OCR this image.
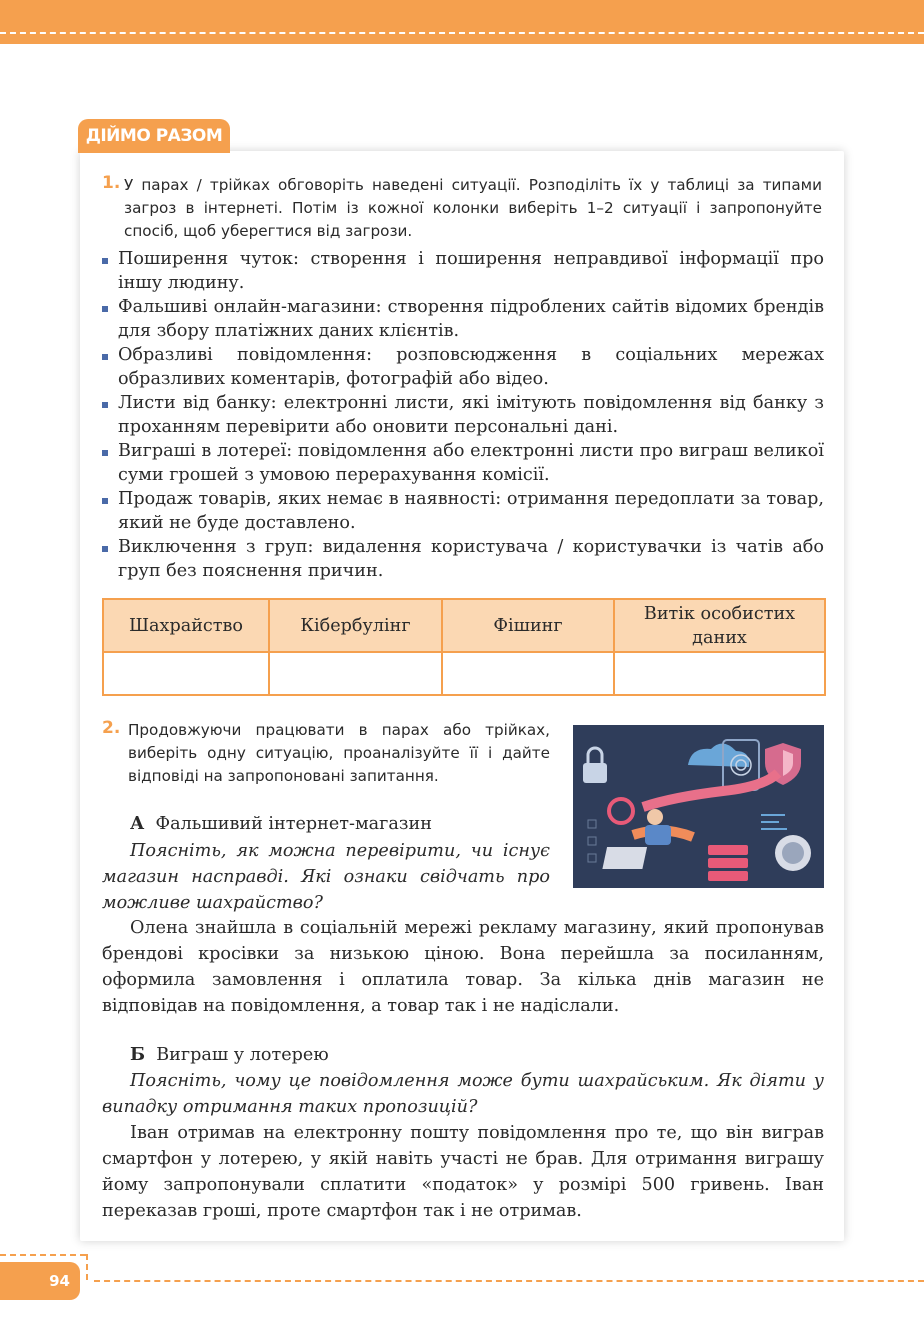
ДІЙМО РАЗОМ
1. У парах / трійках обговоріть наведені ситуації. Розподіліть їх у таблиці за типами загроз в інтернеті. Потім із кожної колонки виберіть 1–2 ситуації і запропонуйте спосіб, щоб уберегтися від загрози.
Поширення чуток: створення і поширення неправдивої інформації про іншу людину.
Фальшиві онлайн-магазини: створення підроблених сайтів відомих брендів для збору платіжних даних клієнтів.
Образливі повідомлення: розповсюдження в соціальних мережах образливих коментарів, фотографій або відео.
Листи від банку: електронні листи, які імітують повідомлення від банку з проханням перевірити або оновити персональні дані.
Виграші в лотереї: повідомлення або електронні листи про виграш великої суми грошей з умовою перерахування комісії.
Продаж товарів, яких немає в наявності: отримання передоплати за товар, який не буде доставлено.
Виключення з груп: видалення користувача / користувачки із чатів або груп без пояснення причин.
Шахрайство	Кібербулінг	Фішинг	Витік особистих даних

2. Продовжуючи працювати в парах або трійках, виберіть одну ситуацію, проаналізуйте її і дайте відповіді на запропоновані запитання.
А Фальшивий інтернет-магазин
Поясніть, як можна перевірити, чи існує магазин насправді. Які ознаки свідчать про можливе шахрайство?
Олена знайшла в соціальній мережі рекламу магазину, який пропонував брендові кросівки за низькою ціною. Вона перейшла за посиланням, оформила замовлення і оплатила товар. За кілька днів магазин не відповідав на повідомлення, а товар так і не надіслали.
Б Виграш у лотерею
Поясніть, чому це повідомлення може бути шахрайським. Як діяти у випадку отримання таких пропозицій?
Іван отримав на електронну пошту повідомлення про те, що він виграв смартфон у лотерею, у якій навіть участі не брав. Для отримання виграшу йому запропонували сплатити «податок» у розмірі 500 гривень. Іван переказав гроші, проте смартфон так і не отримав.
94
